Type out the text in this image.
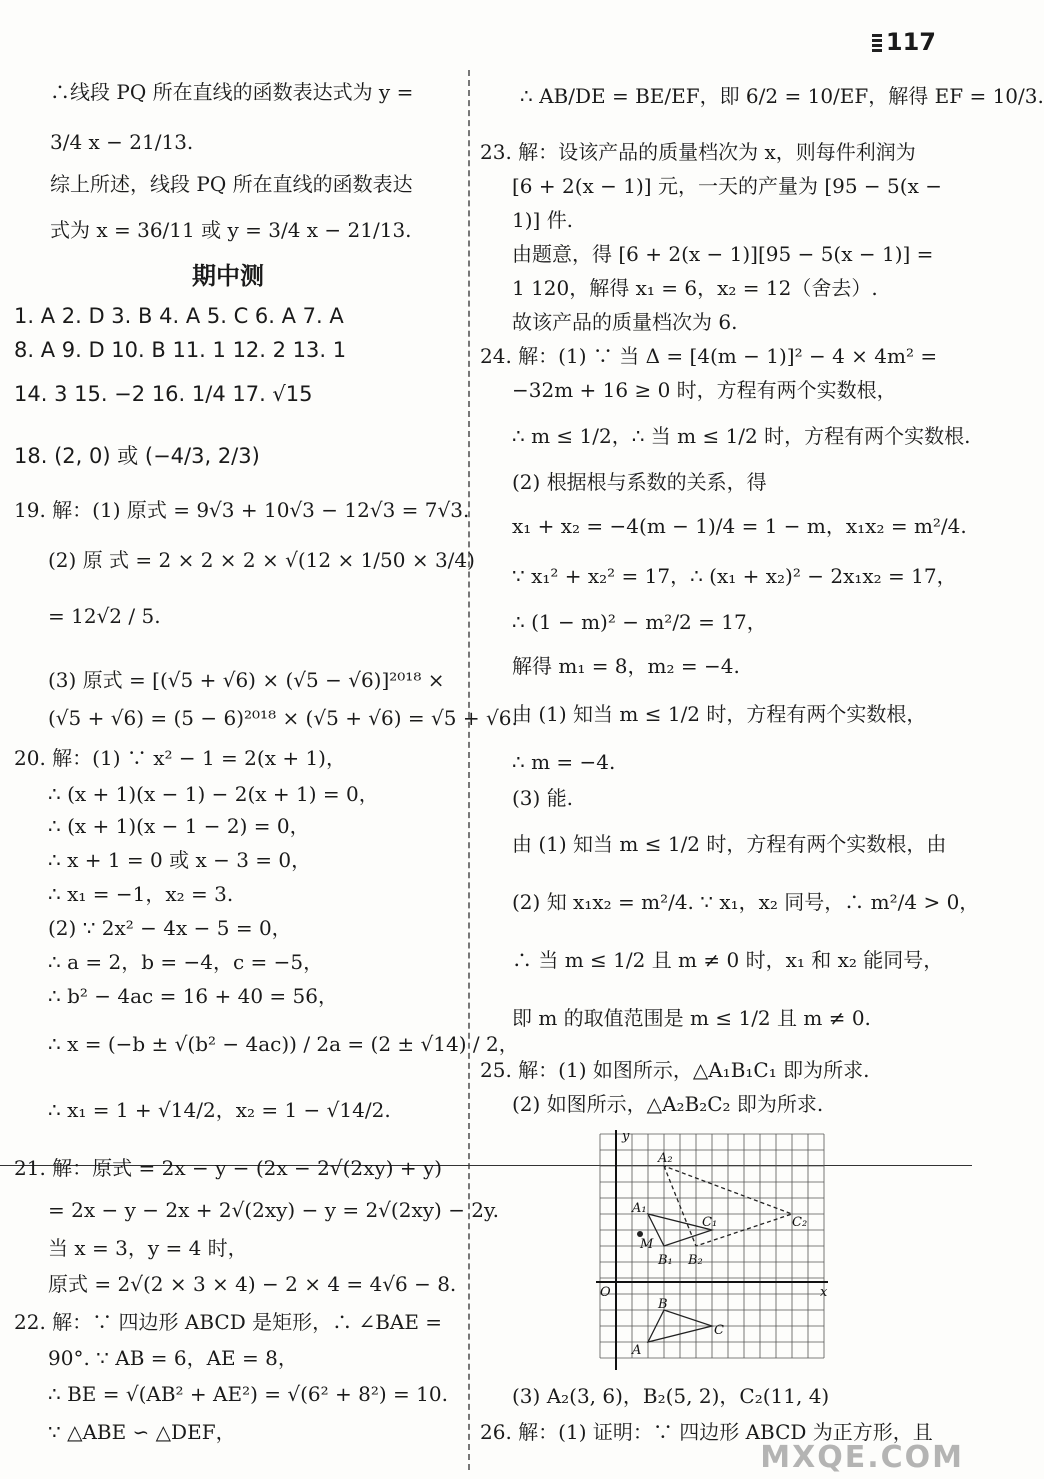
117
∴线段 PQ 所在直线的函数表达式为 y =
3/4 x − 21/13.
综上所述，线段 PQ 所在直线的函数表达
式为 x = 36/11 或 y = 3/4 x − 21/13.
期中测
1. A 2. D 3. B 4. A 5. C 6. A 7. A
8. A 9. D 10. B 11. 1 12. 2 13. 1
14. 3 15. −2 16. 1/4 17. √15
18. (2, 0) 或 (−4/3, 2/3)
19. 解：(1) 原式 = 9√3 + 10√3 − 12√3 = 7√3.
(2) 原 式 = 2 × 2 × 2 × √(12 × 1/50 × 3/4)
= 12√2 / 5.
(3) 原式 = [(√5 + √6) × (√5 − √6)]²⁰¹⁸ ×
(√5 + √6) = (5 − 6)²⁰¹⁸ × (√5 + √6) = √5 + √6.
20. 解：(1) ∵ x² − 1 = 2(x + 1)，
∴ (x + 1)(x − 1) − 2(x + 1) = 0，
∴ (x + 1)(x − 1 − 2) = 0，
∴ x + 1 = 0 或 x − 3 = 0，
∴ x₁ = −1，x₂ = 3.
(2) ∵ 2x² − 4x − 5 = 0，
∴ a = 2，b = −4，c = −5，
∴ b² − 4ac = 16 + 40 = 56，
∴ x = (−b ± √(b² − 4ac)) / 2a = (2 ± √14) / 2，
∴ x₁ = 1 + √14/2，x₂ = 1 − √14/2.
21. 解：原式 = 2x − y − (2x − 2√(2xy) + y)
= 2x − y − 2x + 2√(2xy) − y = 2√(2xy) − 2y.
当 x = 3，y = 4 时，
原式 = 2√(2 × 3 × 4) − 2 × 4 = 4√6 − 8.
22. 解：∵ 四边形 ABCD 是矩形，∴ ∠BAE =
90°. ∵ AB = 6，AE = 8，
∴ BE = √(AB² + AE²) = √(6² + 8²) = 10.
∵ △ABE ∽ △DEF，
∴ AB/DE = BE/EF，即 6/2 = 10/EF，解得 EF = 10/3.
23. 解：设该产品的质量档次为 x，则每件利润为
[6 + 2(x − 1)] 元，一天的产量为 [95 − 5(x −
1)] 件.
由题意，得 [6 + 2(x − 1)][95 − 5(x − 1)] =
1 120，解得 x₁ = 6，x₂ = 12（舍去）.
故该产品的质量档次为 6.
24. 解：(1) ∵ 当 Δ = [4(m − 1)]² − 4 × 4m² =
−32m + 16 ≥ 0 时，方程有两个实数根，
∴ m ≤ 1/2，∴ 当 m ≤ 1/2 时，方程有两个实数根.
(2) 根据根与系数的关系，得
x₁ + x₂ = −4(m − 1)/4 = 1 − m，x₁x₂ = m²/4.
∵ x₁² + x₂² = 17，∴ (x₁ + x₂)² − 2x₁x₂ = 17，
∴ (1 − m)² − m²/2 = 17，
解得 m₁ = 8，m₂ = −4.
由 (1) 知当 m ≤ 1/2 时，方程有两个实数根，
∴ m = −4.
(3) 能.
由 (1) 知当 m ≤ 1/2 时，方程有两个实数根，由
(2) 知 x₁x₂ = m²/4. ∵ x₁，x₂ 同号，∴ m²/4 > 0，
∴ 当 m ≤ 1/2 且 m ≠ 0 时，x₁ 和 x₂ 能同号，
即 m 的取值范围是 m ≤ 1/2 且 m ≠ 0.
25. 解：(1) 如图所示，△A₁B₁C₁ 即为所求.
(2) 如图所示，△A₂B₂C₂ 即为所求.
(3) A₂(3, 6)，B₂(5, 2)，C₂(11, 4)
26. 解：(1) 证明：∵ 四边形 ABCD 为正方形，且
y
x
O
A
B
C
A₁
B₁
C₁
A₂
B₂
C₂
M
MXQE.COM
